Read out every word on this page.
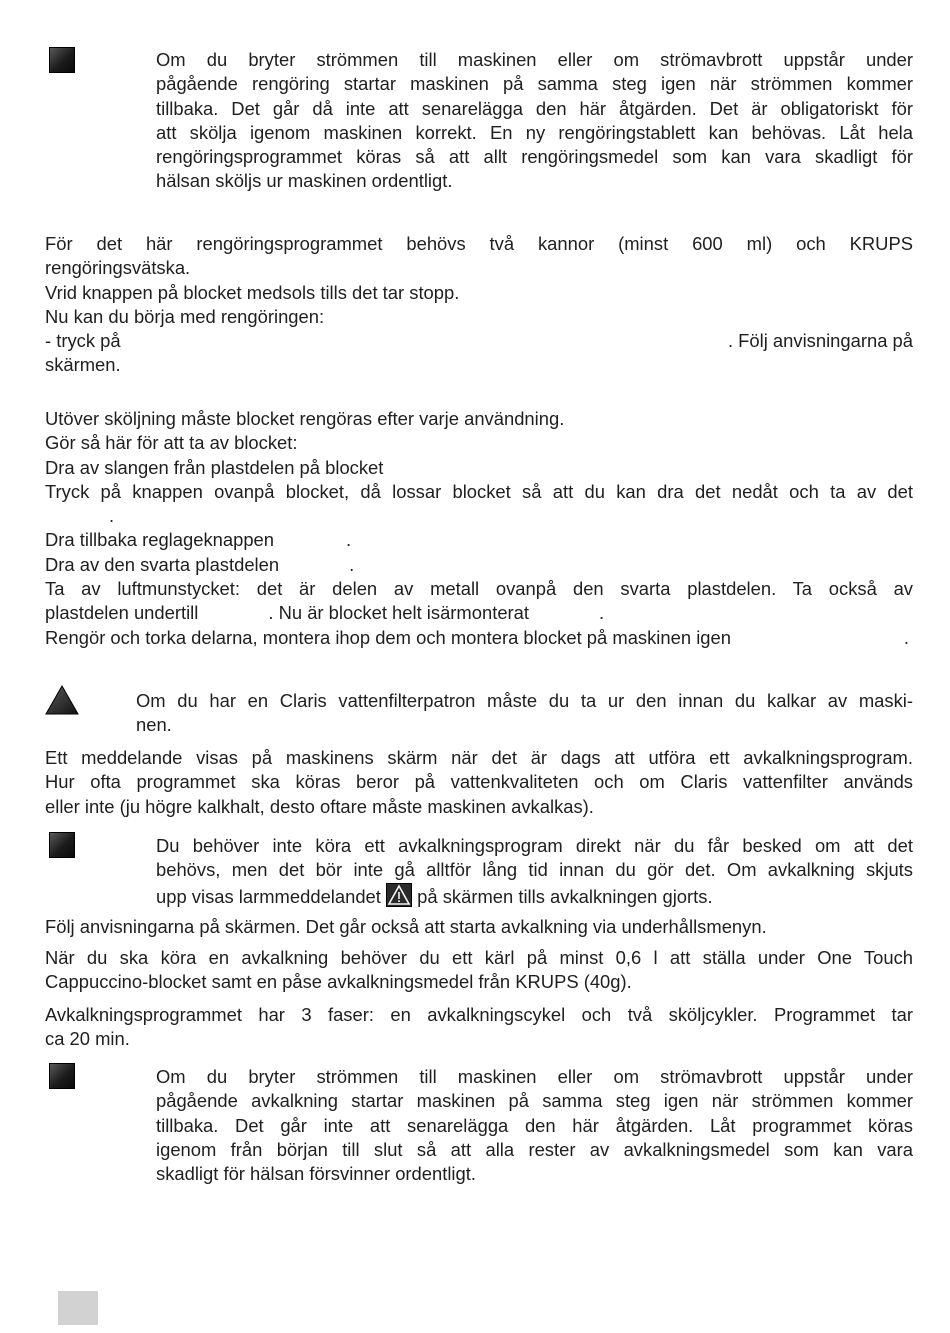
Om du bryter strömmen till maskinen eller om strömavbrott uppstår under
pågående rengöring startar maskinen på samma steg igen när strömmen kommer
tillbaka. Det går då inte att senarelägga den här åtgärden. Det är obligatoriskt för
att skölja igenom maskinen korrekt. En ny rengöringstablett kan behövas. Låt hela
rengöringsprogrammet köras så att allt rengöringsmedel som kan vara skadligt för
hälsan sköljs ur maskinen ordentligt.
För det här rengöringsprogrammet behövs två kannor (minst 600 ml) och KRUPS
rengöringsvätska.
Vrid knappen på blocket medsols tills det tar stopp.
Nu kan du börja med rengöringen:
- tryck på	. Följ anvisningarna på
skärmen.
Utöver sköljning måste blocket rengöras efter varje användning.
Gör så här för att ta av blocket:
Dra av slangen från plastdelen på blocket
Tryck på knappen ovanpå blocket, då lossar blocket så att du kan dra det nedåt och ta av det
.
Dra tillbaka reglageknappen	.
Dra av den svarta plastdelen	.
Ta av luftmunstycket: det är delen av metall ovanpå den svarta plastdelen. Ta också av
plastdelen undertill	. Nu är blocket helt isärmonterat	.
Rengör och torka delarna, montera ihop dem och montera blocket på maskinen igen	.
Om du har en Claris vattenfilterpatron måste du ta ur den innan du kalkar av maski-
nen.
Ett meddelande visas på maskinens skärm när det är dags att utföra ett avkalkningsprogram.
Hur ofta programmet ska köras beror på vattenkvaliteten och om Claris vattenfilter används
eller inte (ju högre kalkhalt, desto oftare måste maskinen avkalkas).
Du behöver inte köra ett avkalkningsprogram direkt när du får besked om att det
behövs, men det bör inte gå alltför lång tid innan du gör det. Om avkalkning skjuts
upp visas larmmeddelandet på skärmen tills avkalkningen gjorts.
Följ anvisningarna på skärmen. Det går också att starta avkalkning via underhållsmenyn.
När du ska köra en avkalkning behöver du ett kärl på minst 0,6 l att ställa under One Touch
Cappuccino-blocket samt en påse avkalkningsmedel från KRUPS (40g).
Avkalkningsprogrammet har 3 faser: en avkalkningscykel och två sköljcykler. Programmet tar
ca 20 min.
Om du bryter strömmen till maskinen eller om strömavbrott uppstår under
pågående avkalkning startar maskinen på samma steg igen när strömmen kommer
tillbaka. Det går inte att senarelägga den här åtgärden. Låt programmet köras
igenom från början till slut så att alla rester av avkalkningsmedel som kan vara
skadligt för hälsan försvinner ordentligt.
